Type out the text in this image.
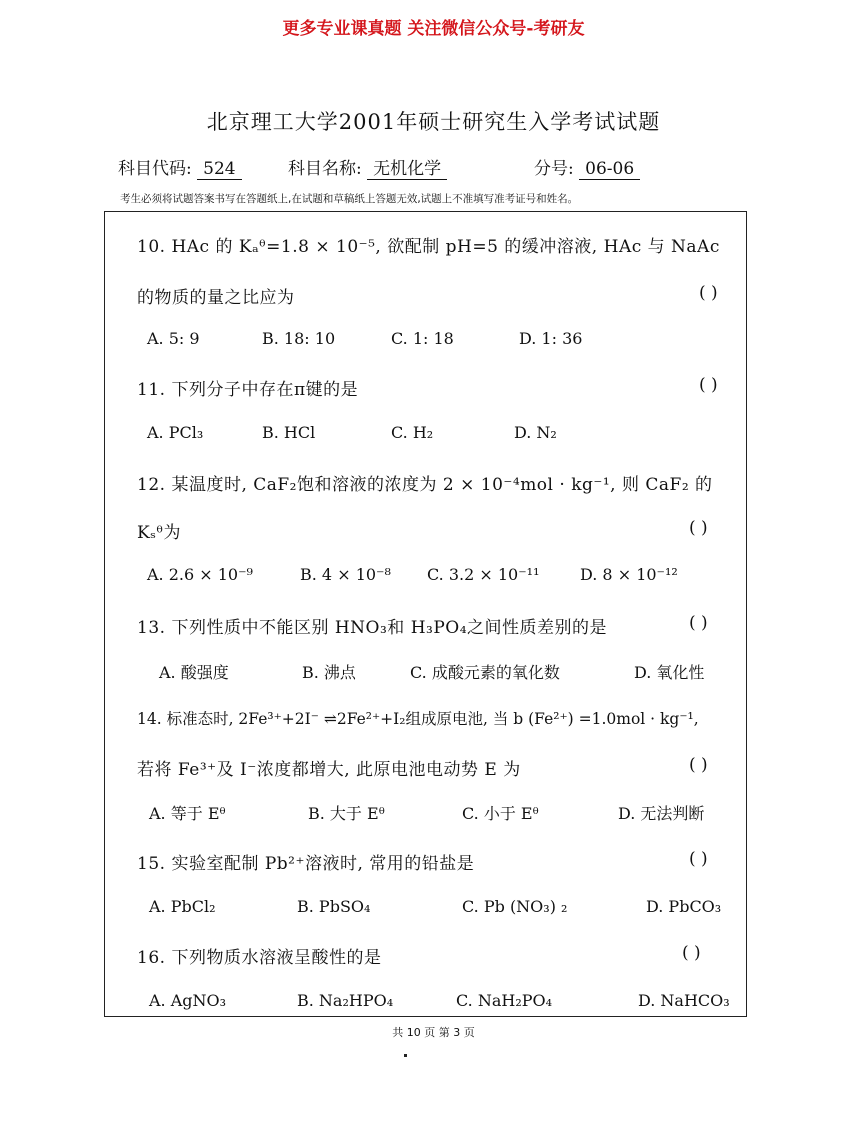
更多专业课真题 关注微信公众号-考研友
北京理工大学2001年硕士研究生入学考试试题
科目代码: 524	科目名称: 无机化学	分号: 06-06
考生必须将试题答案书写在答题纸上,在试题和草稿纸上答题无效,试题上不准填写准考证号和姓名。
10. HAc 的 Kₐᶿ=1.8 × 10⁻⁵, 欲配制 pH=5 的缓冲溶液, HAc 与 NaAc
的物质的量之比应为	( )
A. 5: 9	B. 18: 10	C. 1: 18	D. 1: 36
11. 下列分子中存在π键的是	( )
A. PCl₃	B. HCl	C. H₂	D. N₂
12. 某温度时, CaF₂饱和溶液的浓度为 2 × 10⁻⁴mol · kg⁻¹, 则 CaF₂ 的
Kₛᶿ为	( )
A. 2.6 × 10⁻⁹	B. 4 × 10⁻⁸ C. 3.2 × 10⁻¹¹	D. 8 × 10⁻¹²
13. 下列性质中不能区别 HNO₃和 H₃PO₄之间性质差别的是	( )
A. 酸强度	B. 沸点	C. 成酸元素的氧化数	D. 氧化性
14. 标准态时, 2Fe³⁺+2I⁻ ⇌2Fe²⁺+I₂组成原电池, 当 b (Fe²⁺) =1.0mol · kg⁻¹,
若将 Fe³⁺及 I⁻浓度都增大, 此原电池电动势 E 为	( )
A. 等于 Eᶿ	B. 大于 Eᶿ	C. 小于 Eᶿ	D. 无法判断
15. 实验室配制 Pb²⁺溶液时, 常用的铅盐是	( )
A. PbCl₂	B. PbSO₄	C. Pb (NO₃) ₂	D. PbCO₃
16. 下列物质水溶液呈酸性的是	( )
A. AgNO₃	B. Na₂HPO₄	C. NaH₂PO₄	D. NaHCO₃
共 10 页 第 3 页
